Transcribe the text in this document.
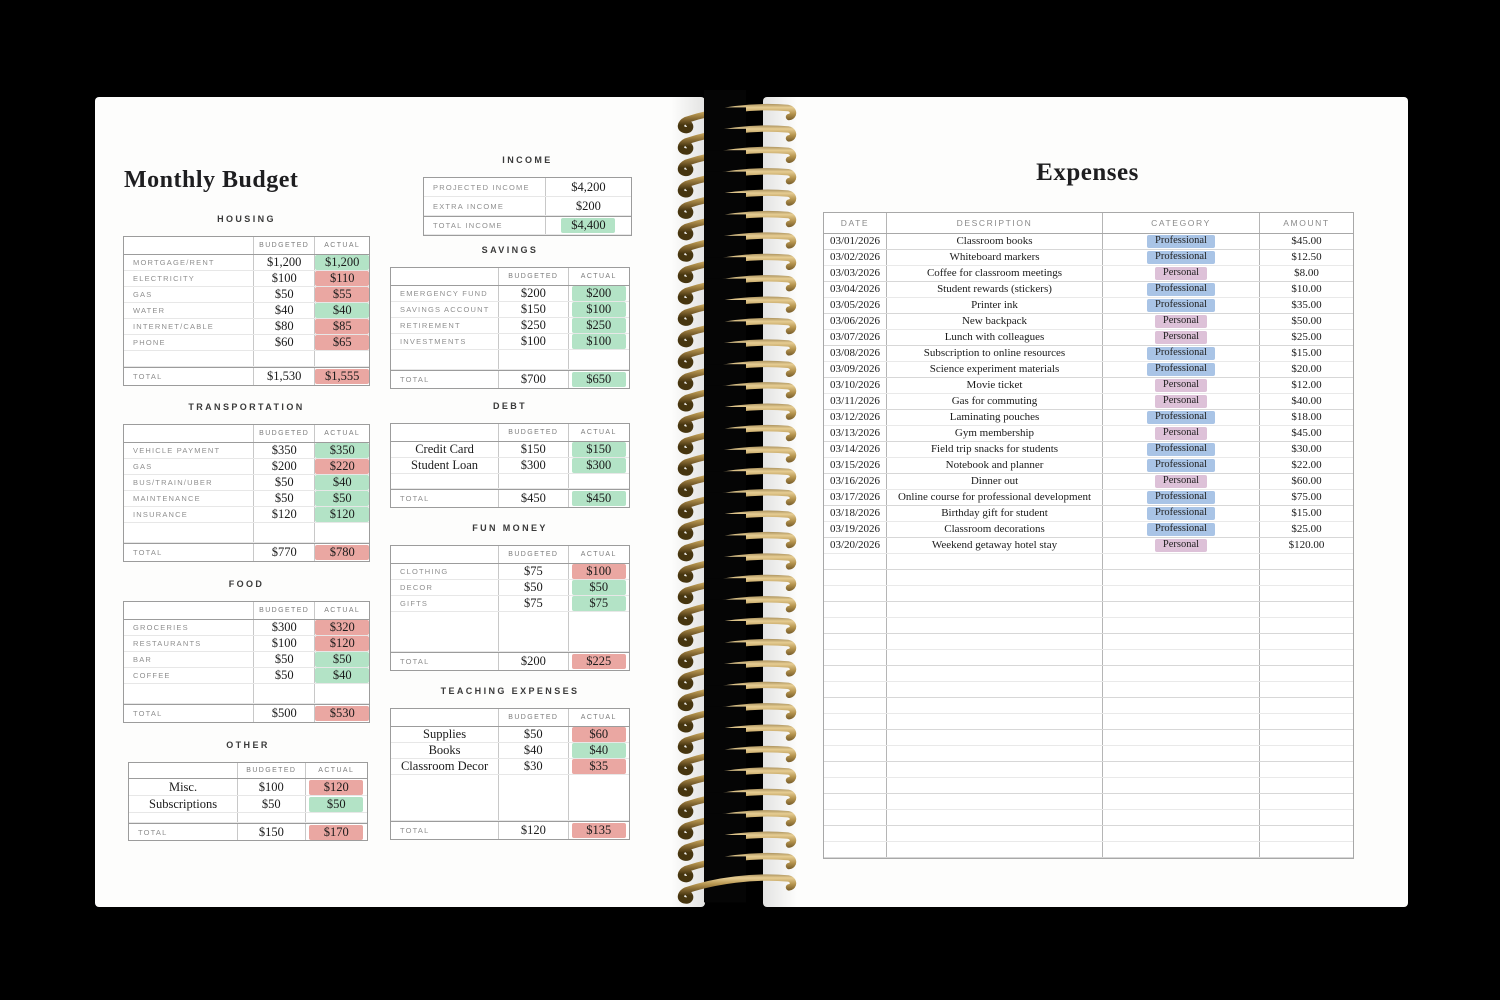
Monthly Budget
HOUSING
BUDGETED ACTUAL
MORTGAGE/RENT	$1,200	$1,200
ELECTRICITY	$100	$110
GAS	$50	$55
WATER	$40	$40
INTERNET/CABLE	$80	$85
PHONE	$60	$65
TOTAL	$1,530	$1,555
TRANSPORTATION
BUDGETED ACTUAL
VEHICLE PAYMENT	$350	$350
GAS	$200	$220
BUS/TRAIN/UBER	$50	$40
MAINTENANCE	$50	$50
INSURANCE	$120	$120
TOTAL	$770	$780
FOOD
BUDGETED ACTUAL
GROCERIES	$300	$320
RESTAURANTS	$100	$120
BAR	$50	$50
COFFEE	$50	$40
TOTAL	$500	$530
OTHER
BUDGETED	ACTUAL
Misc.	$100	$120
Subscriptions	$50	$50
TOTAL	$150	$170
INCOME
PROJECTED INCOME	$4,200
EXTRA INCOME	$200
TOTAL INCOME	$4,400
SAVINGS
BUDGETED	ACTUAL
EMERGENCY FUND	$200	$200
SAVINGS ACCOUNT	$150	$100
RETIREMENT	$250	$250
INVESTMENTS	$100	$100
TOTAL	$700	$650
DEBT
BUDGETED	ACTUAL
Credit Card	$150	$150
Student Loan	$300	$300
TOTAL	$450	$450
FUN MONEY
BUDGETED	ACTUAL
CLOTHING	$75	$100
DECOR	$50	$50
GIFTS	$75	$75
TOTAL	$200	$225
TEACHING EXPENSES
BUDGETED	ACTUAL
Supplies	$50	$60
Books	$40	$40
Classroom Decor	$30	$35
TOTAL	$120	$135
Expenses
DATE	DESCRIPTION	CATEGORY	AMOUNT
03/01/2026	Classroom books	Professional	$45.00
03/02/2026	Whiteboard markers	Professional	$12.50
03/03/2026	Coffee for classroom meetings	Personal	$8.00
03/04/2026	Student rewards (stickers)	Professional	$10.00
03/05/2026	Printer ink	Professional	$35.00
03/06/2026	New backpack	Personal	$50.00
03/07/2026	Lunch with colleagues	Personal	$25.00
03/08/2026	Subscription to online resources	Professional	$15.00
03/09/2026	Science experiment materials	Professional	$20.00
03/10/2026	Movie ticket	Personal	$12.00
03/11/2026	Gas for commuting	Personal	$40.00
03/12/2026	Laminating pouches	Professional	$18.00
03/13/2026	Gym membership	Personal	$45.00
03/14/2026	Field trip snacks for students	Professional	$30.00
03/15/2026	Notebook and planner	Professional	$22.00
03/16/2026	Dinner out	Personal	$60.00
03/17/2026 Online course for professional development	Professional	$75.00
03/18/2026	Birthday gift for student	Professional	$15.00
03/19/2026	Classroom decorations	Professional	$25.00
03/20/2026	Weekend getaway hotel stay	Personal	$120.00
